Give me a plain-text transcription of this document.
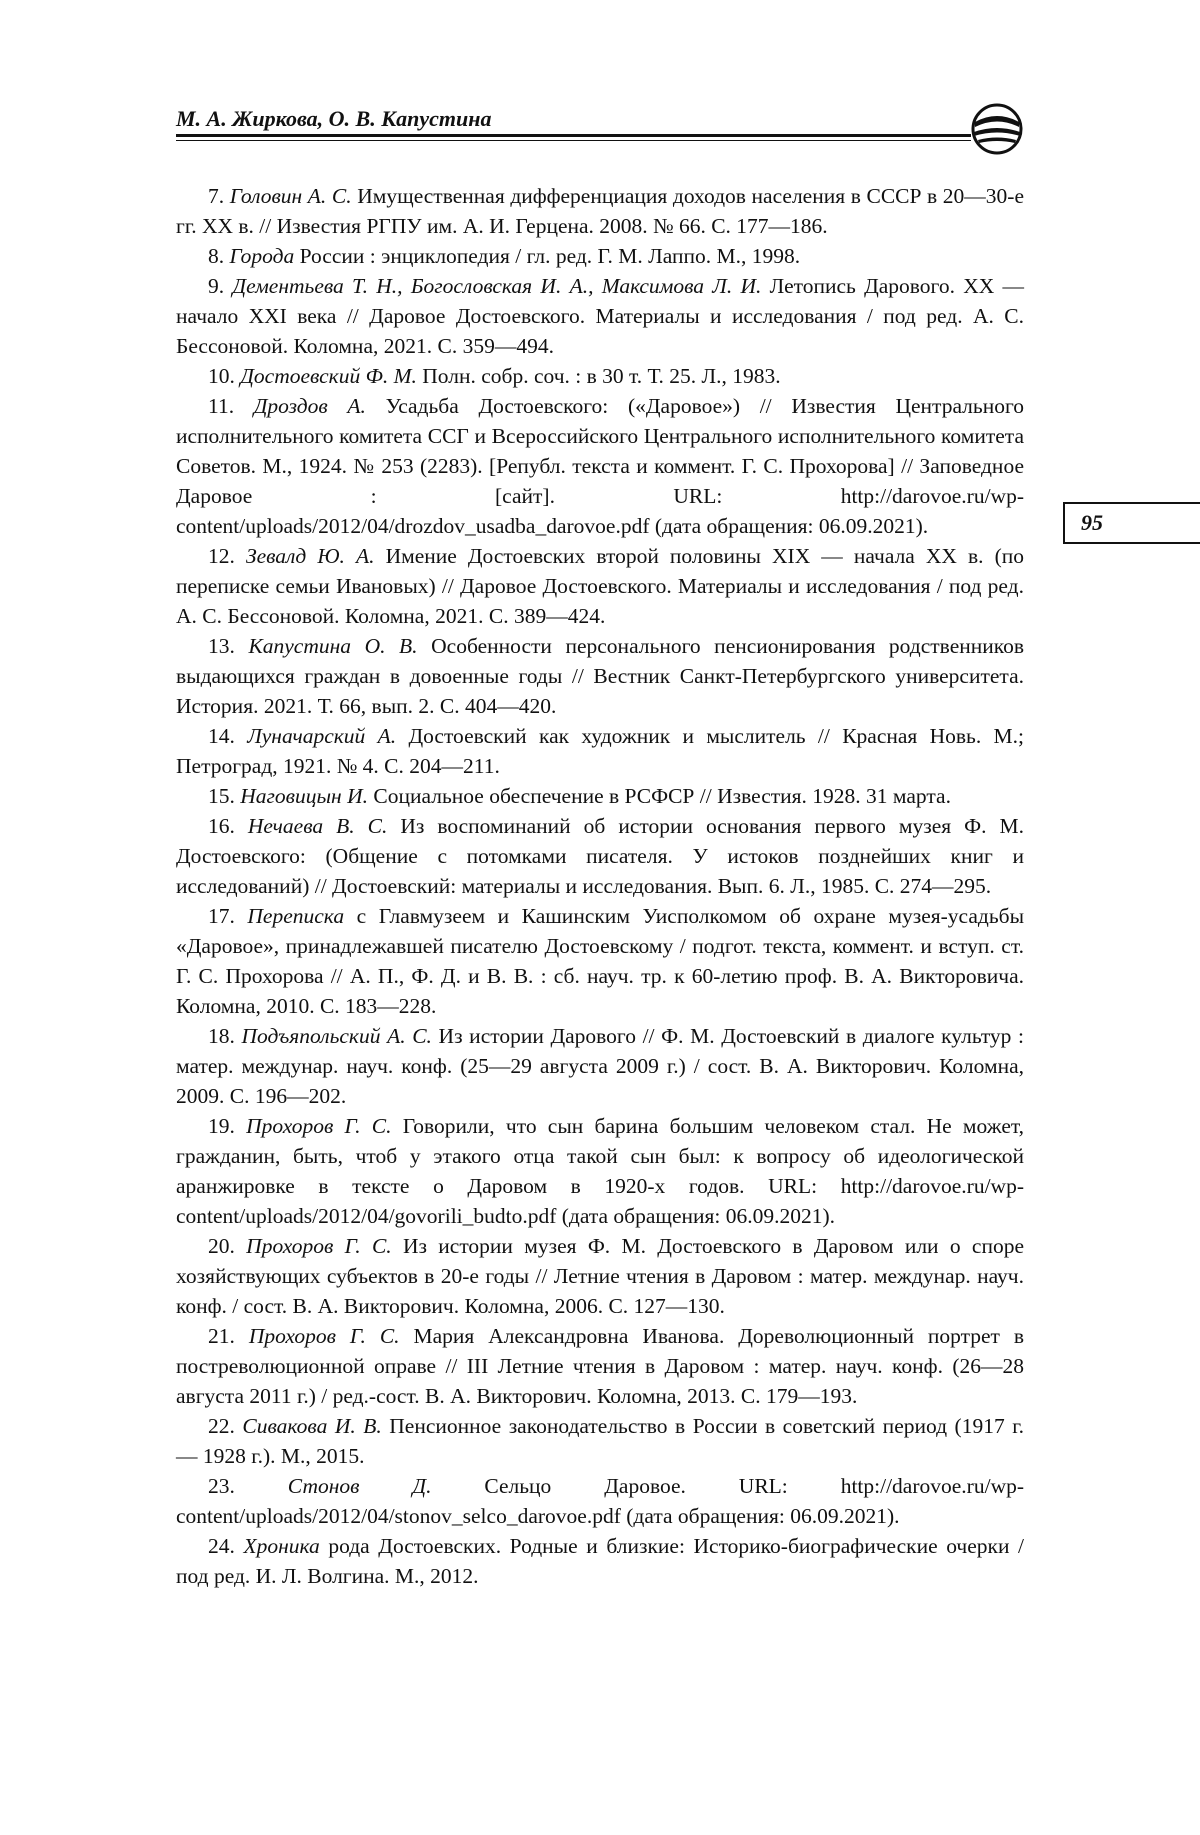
М. А. Жиркова, О. В. Капустина
95

7. Головин А. С. Имущественная дифференциация доходов населения в СССР в 20—30-е гг. XX в. // Известия РГПУ им. А. И. Герцена. 2008. № 66. С. 177—186.

8. Города России : энциклопедия / гл. ред. Г. М. Лаппо. М., 1998.

9. Дементьева Т. Н., Богословская И. А., Максимова Л. И. Летопись Дарового. XX — начало XXI века // Даровое Достоевского. Материалы и исследования / под ред. А. С. Бессоновой. Коломна, 2021. С. 359—494.

10. Достоевский Ф. М. Полн. собр. соч. : в 30 т. Т. 25. Л., 1983.

11. Дроздов А. Усадьба Достоевского: («Даровое») // Известия Центрального исполнительного комитета ССГ и Всероссийского Центрального исполнительного комитета Советов. М., 1924. № 253 (2283). [Републ. текста и коммент. Г. С. Прохорова] // Заповедное Даровое : [сайт]. URL: http://darovoe.ru/wp-content/uploads/2012/04/drozdov_usadba_darovoe.pdf (дата обращения: 06.09.2021).

12. Зевалд Ю. А. Имение Достоевских второй половины XIX — начала XX в. (по переписке семьи Ивановых) // Даровое Достоевского. Материалы и исследования / под ред. А. С. Бессоновой. Коломна, 2021. С. 389—424.

13. Капустина О. В. Особенности персонального пенсионирования родственников выдающихся граждан в довоенные годы // Вестник Санкт-Петербургского университета. История. 2021. Т. 66, вып. 2. С. 404—420.

14. Луначарский А. Достоевский как художник и мыслитель // Красная Новь. М.; Петроград, 1921. № 4. С. 204—211.

15. Наговицын И. Социальное обеспечение в РСФСР // Известия. 1928. 31 марта.

16. Нечаева В. С. Из воспоминаний об истории основания первого музея Ф. М. Достоевского: (Общение с потомками писателя. У истоков позднейших книг и исследований) // Достоевский: материалы и исследования. Вып. 6. Л., 1985. С. 274—295.

17. Переписка с Главмузеем и Кашинским Уисполкомом об охране музея-усадьбы «Даровое», принадлежавшей писателю Достоевскому / подгот. текста, коммент. и вступ. ст. Г. С. Прохорова // А. П., Ф. Д. и В. В. : сб. науч. тр. к 60-летию проф. В. А. Викторовича. Коломна, 2010. С. 183—228.

18. Подъяпольский А. С. Из истории Дарового // Ф. М. Достоевский в диалоге культур : матер. междунар. науч. конф. (25—29 августа 2009 г.) / сост. В. А. Викторович. Коломна, 2009. С. 196—202.

19. Прохоров Г. С. Говорили, что сын барина большим человеком стал. Не может, гражданин, быть, чтоб у этакого отца такой сын был: к вопросу об идеологической аранжировке в тексте о Даровом в 1920-х годов. URL: http://darovoe.ru/wp-content/uploads/2012/04/govorili_budto.pdf (дата обращения: 06.09.2021).

20. Прохоров Г. С. Из истории музея Ф. М. Достоевского в Даровом или о споре хозяйствующих субъектов в 20-е годы // Летние чтения в Даровом : матер. междунар. науч. конф. / сост. В. А. Викторович. Коломна, 2006. С. 127—130.

21. Прохоров Г. С. Мария Александровна Иванова. Дореволюционный портрет в постреволюционной оправе // III Летние чтения в Даровом : матер. науч. конф. (26—28 августа 2011 г.) / ред.-сост. В. А. Викторович. Коломна, 2013. С. 179—193.

22. Сивакова И. В. Пенсионное законодательство в России в советский период (1917 г. — 1928 г.). М., 2015.

23. Стонов Д. Сельцо Даровое. URL: http://darovoe.ru/wp-content/uploads/2012/04/stonov_selco_darovoe.pdf (дата обращения: 06.09.2021).

24. Хроника рода Достоевских. Родные и близкие: Историко-биографические очерки / под ред. И. Л. Волгина. М., 2012.
